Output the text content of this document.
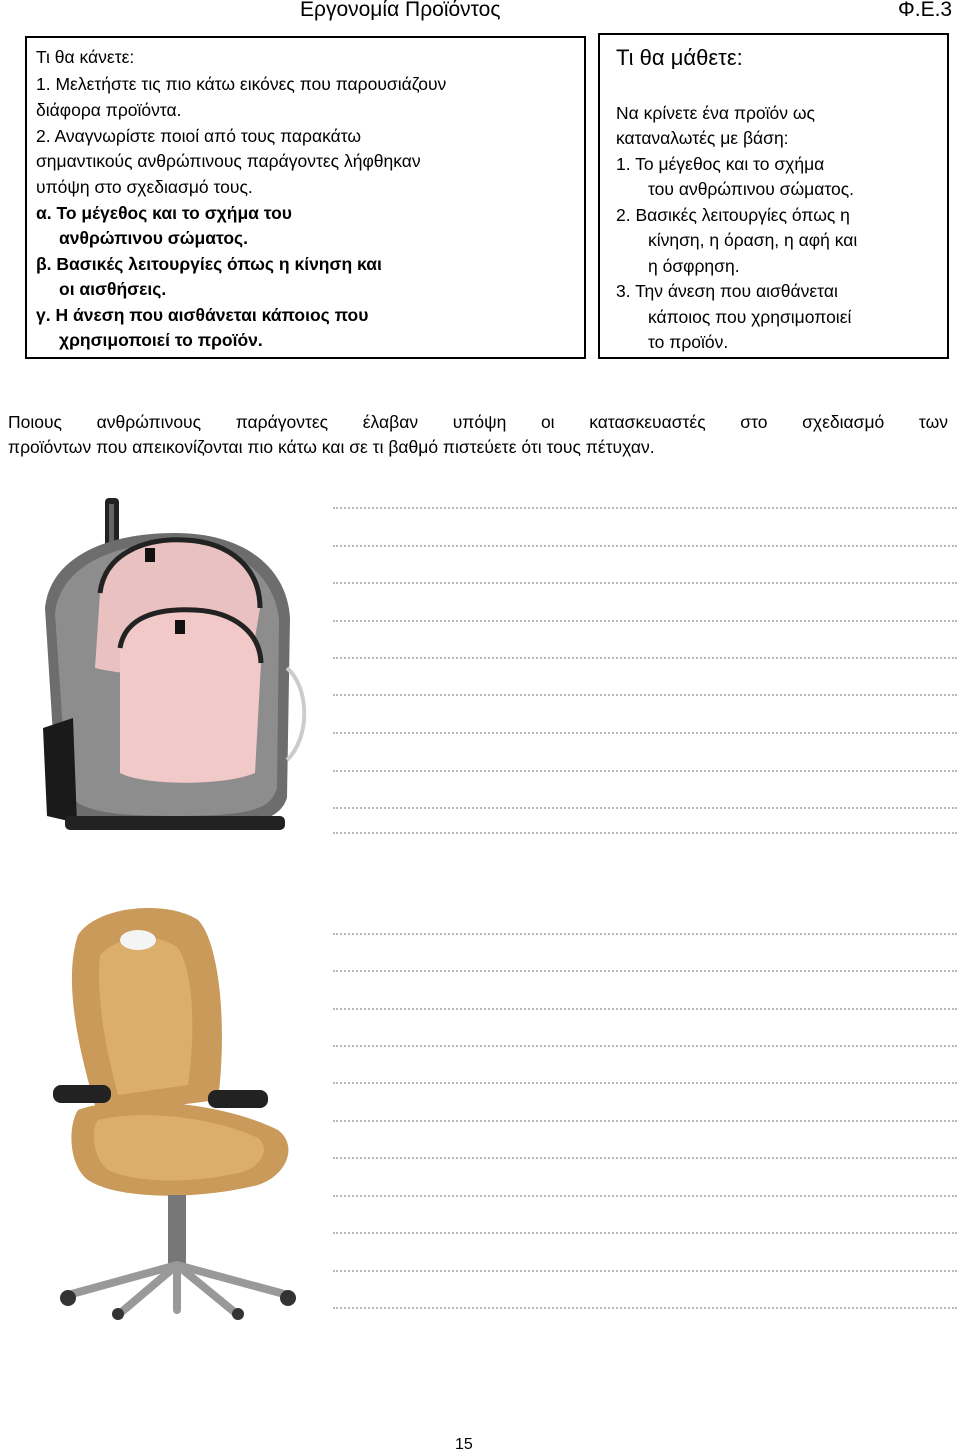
Εργονομία Προϊόντος	Φ.Ε.3
Τι θα κάνετε:
1. Μελετήστε τις πιο κάτω εικόνες που παρουσιάζουν
διάφορα προϊόντα.
2. Αναγνωρίστε ποιοί από τους παρακάτω
σημαντικούς ανθρώπινους παράγοντες λήφθηκαν
υπόψη στο σχεδιασμό τους.
α. Το μέγεθος και το σχήμα του
ανθρώπινου σώματος.
β. Βασικές λειτουργίες όπως η κίνηση και
οι αισθήσεις.
γ. Η άνεση που αισθάνεται κάποιος που
χρησιμοποιεί το προϊόν.
Τι θα μάθετε:
Να κρίνετε ένα προϊόν ως
καταναλωτές με βάση:
1. Το μέγεθος και το σχήμα
του ανθρώπινου σώματος.
2. Βασικές λειτουργίες όπως η
κίνηση, η όραση, η αφή και
η όσφρηση.
3. Την άνεση που αισθάνεται
κάποιος που χρησιμοποιεί
το προϊόν.
Ποιους ανθρώπινους παράγοντες έλαβαν υπόψη οι κατασκευαστές στο σχεδιασμό των
προϊόντων που απεικονίζονται πιο κάτω και σε τι βαθμό πιστεύετε ότι τους πέτυχαν.
15
